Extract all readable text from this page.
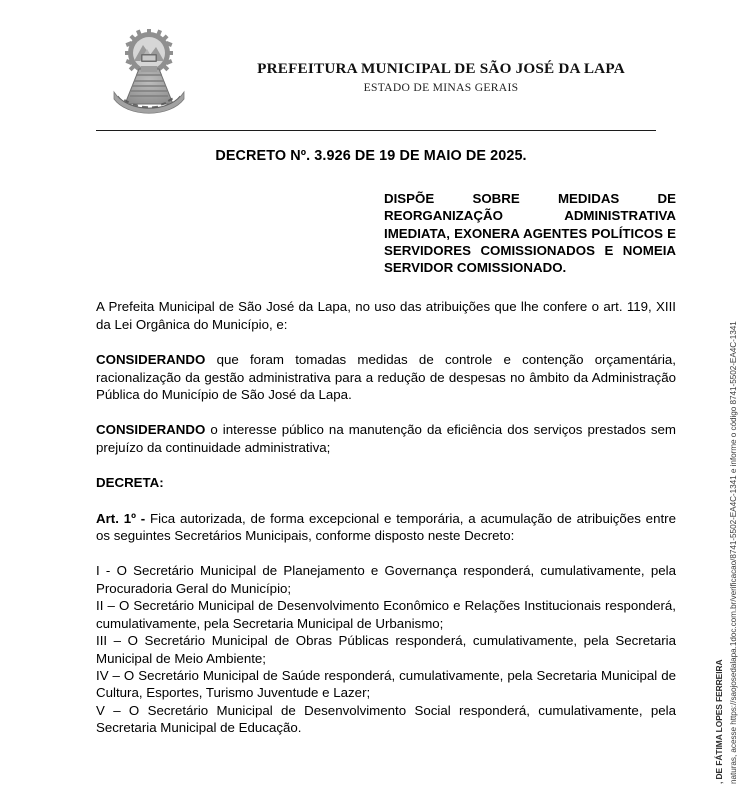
PREFEITURA MUNICIPAL DE SÃO JOSÉ DA LAPA
ESTADO DE MINAS GERAIS
DECRETO Nº. 3.926 DE 19 DE MAIO DE 2025.
DISPÕE SOBRE MEDIDAS DE REORGANIZAÇÃO ADMINISTRATIVA IMEDIATA, EXONERA AGENTES POLÍTICOS E SERVIDORES COMISSIONADOS E NOMEIA SERVIDOR COMISSIONADO.

A Prefeita Municipal de São José da Lapa, no uso das atribuições que lhe confere o art. 119, XIII da Lei Orgânica do Município, e:

CONSIDERANDO que foram tomadas medidas de controle e contenção orçamentária, racionalização da gestão administrativa para a redução de despesas no âmbito da Administração Pública do Município de São José da Lapa.

CONSIDERANDO o interesse público na manutenção da eficiência dos serviços prestados sem prejuízo da continuidade administrativa;

DECRETA:

Art. 1º - Fica autorizada, de forma excepcional e temporária, a acumulação de atribuições entre os seguintes Secretários Municipais, conforme disposto neste Decreto:

I - O Secretário Municipal de Planejamento e Governança responderá, cumulativamente, pela Procuradoria Geral do Município;

II – O Secretário Municipal de Desenvolvimento Econômico e Relações Institucionais responderá, cumulativamente, pela Secretaria Municipal de Urbanismo;

III – O Secretário Municipal de Obras Públicas responderá, cumulativamente, pela Secretaria Municipal de Meio Ambiente;

IV – O Secretário Municipal de Saúde responderá, cumulativamente, pela Secretaria Municipal de Cultura, Esportes, Turismo Juventude e Lazer;

V – O Secretário Municipal de Desenvolvimento Social responderá, cumulativamente, pela Secretaria Municipal de Educação.	, DE FÁTIMA LOPES FERREIRA naturas, acesse https://saojosedalapa.1doc.com.br/verificacao/8741-5502-EA4C-1341 e informe o código 8741-5502-EA4C-1341
